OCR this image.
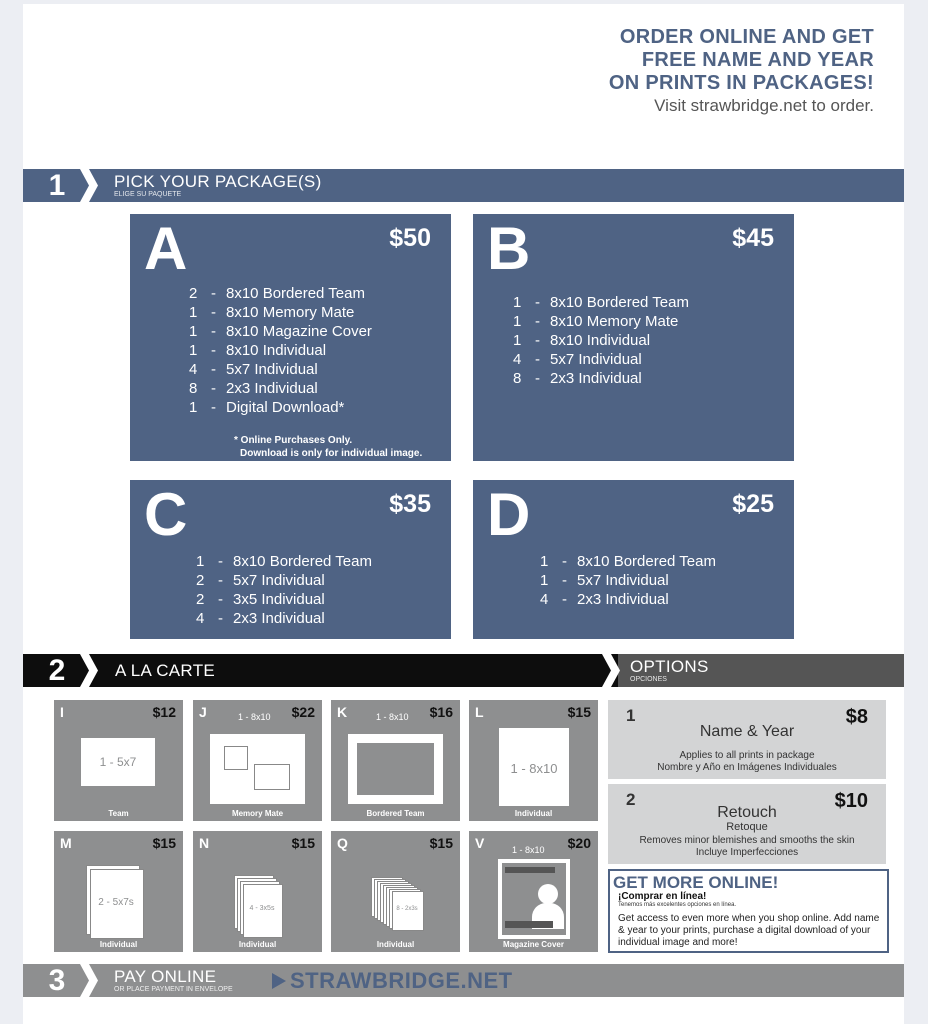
ORDER ONLINE AND GET
FREE NAME AND YEAR
ON PRINTS IN PACKAGES!
Visit strawbridge.net to order.
1	PICK YOUR PACKAGE(S)
ELIGE SU PAQUETE
A	$50
2 - 8x10 Bordered Team
1 - 8x10 Memory Mate
1 - 8x10 Magazine Cover
1 - 8x10 Individual
4 - 5x7 Individual
8 - 2x3 Individual
1 - Digital Download*
* Online Purchases Only.
Download is only for individual image.
B	$45
1 - 8x10 Bordered Team
1 - 8x10 Memory Mate
1 - 8x10 Individual
4 - 5x7 Individual
8 - 2x3 Individual
C	$35
1 - 8x10 Bordered Team
2 - 5x7 Individual
2 - 3x5 Individual
4 - 2x3 Individual
D	$25
1 - 8x10 Bordered Team
1 - 5x7 Individual
4 - 2x3 Individual
2	A LA CARTE	OPTIONS
OPCIONES
I	$12
1 - 5x7
Team
J	$22
1 - 8x10
Memory Mate
K	$16
1 - 8x10
Bordered Team
L	$15
1 - 8x10
Individual
M	$15
2 - 5x7s
Individual
N	$15
4 - 3x5s
Individual
Q	$15
8 - 2x3s
Individual
V	$20
1 - 8x10
Magazine Cover
1	$8
Name & Year
Applies to all prints in package
Nombre y Año en Imágenes Individuales
2	$10
Retouch
Retoque
Removes minor blemishes and smooths the skin
Incluye Imperfecciones
GET MORE ONLINE!
¡Comprar en línea!
Tenemos más excelentes opciones en línea.
Get access to even more when you shop online. Add name & year to your prints, purchase a digital download of your individual image and more!
3	PAY ONLINE
OR PLACE PAYMENT IN ENVELOPE	STRAWBRIDGE.NET
